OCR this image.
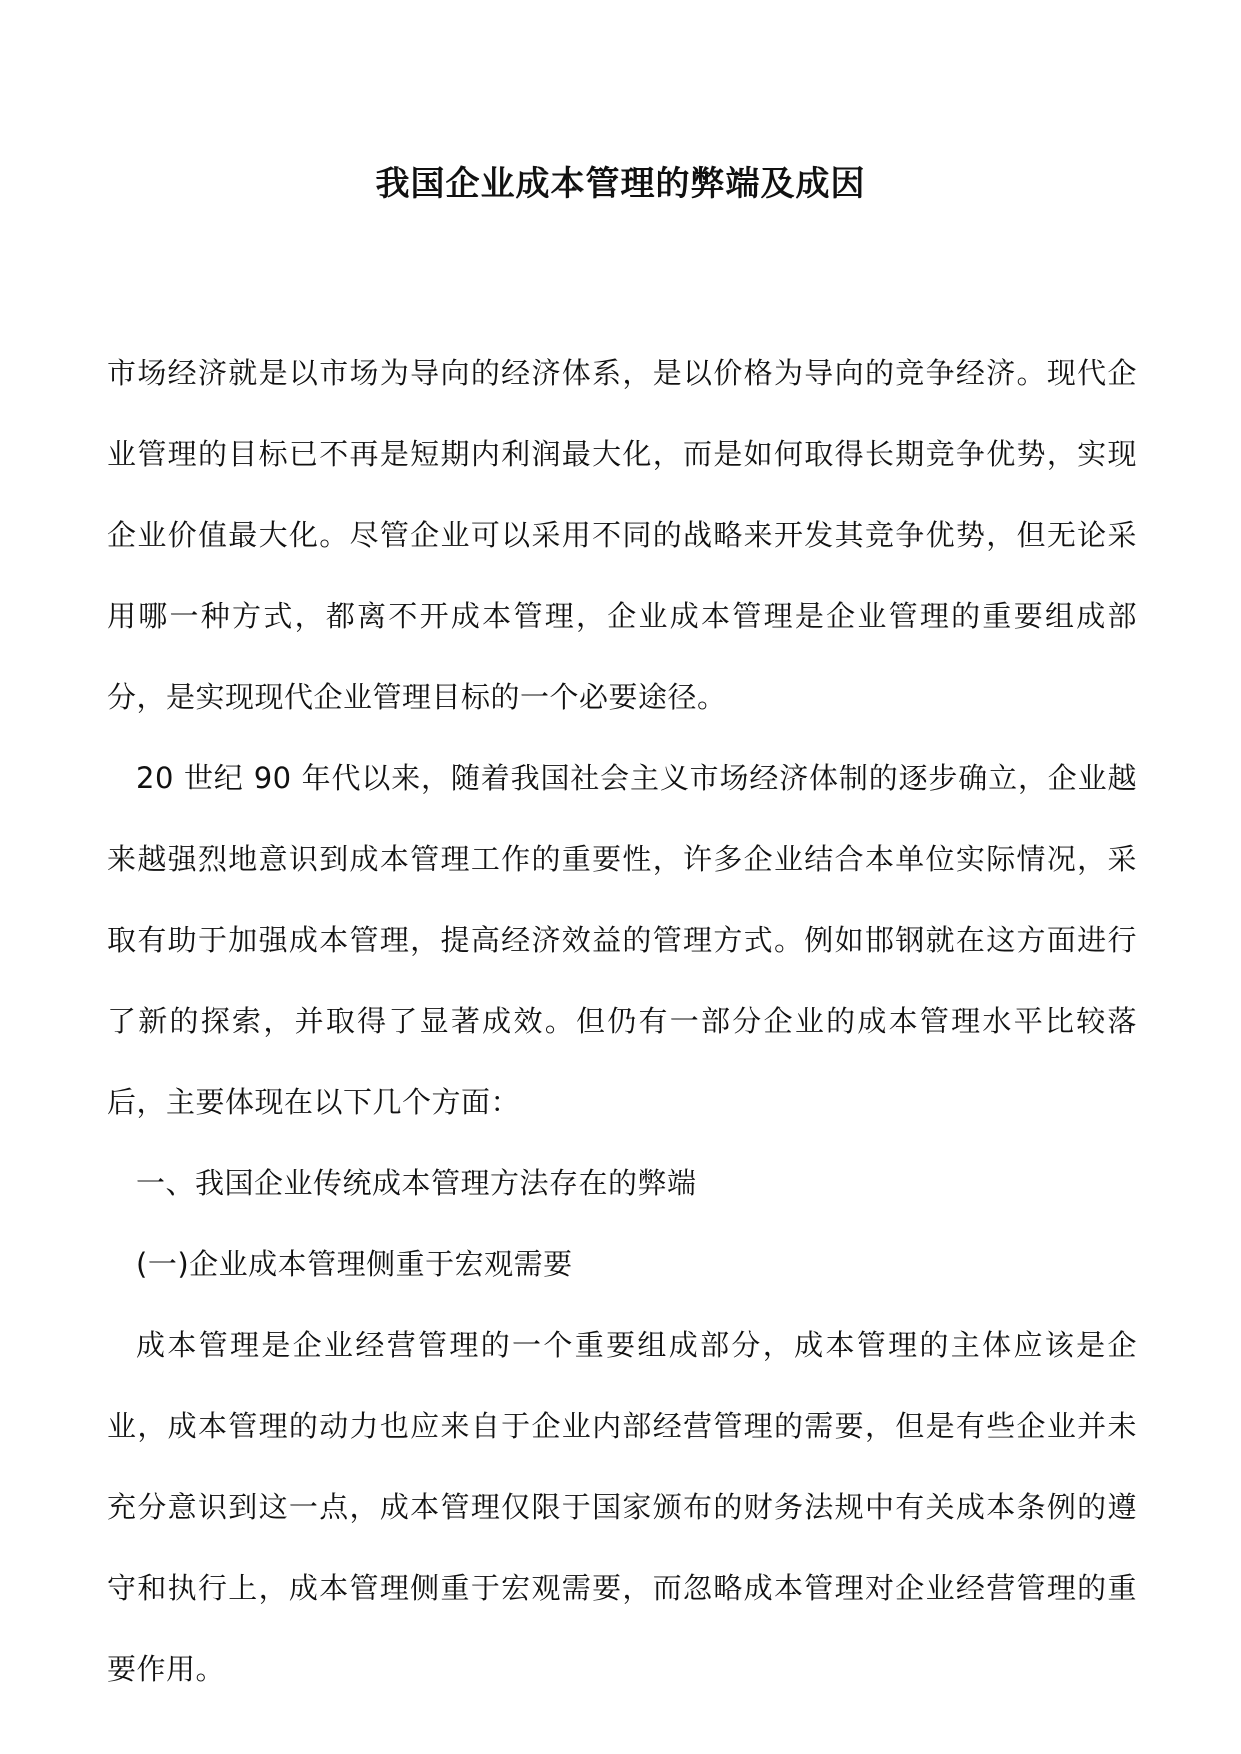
我国企业成本管理的弊端及成因

市场经济就是以市场为导向的经济体系，是以价格为导向的竞争经济。现代企业管理的目标已不再是短期内利润最大化，而是如何取得长期竞争优势，实现企业价值最大化。尽管企业可以采用不同的战略来开发其竞争优势，但无论采用哪一种方式，都离不开成本管理，企业成本管理是企业管理的重要组成部分，是实现现代企业管理目标的一个必要途径。

20 世纪 90 年代以来，随着我国社会主义市场经济体制的逐步确立，企业越来越强烈地意识到成本管理工作的重要性，许多企业结合本单位实际情况，采取有助于加强成本管理，提高经济效益的管理方式。例如邯钢就在这方面进行了新的探索，并取得了显著成效。但仍有一部分企业的成本管理水平比较落后，主要体现在以下几个方面：

一、我国企业传统成本管理方法存在的弊端

(一)企业成本管理侧重于宏观需要

成本管理是企业经营管理的一个重要组成部分，成本管理的主体应该是企业，成本管理的动力也应来自于企业内部经营管理的需要，但是有些企业并未充分意识到这一点，成本管理仅限于国家颁布的财务法规中有关成本条例的遵守和执行上，成本管理侧重于宏观需要，而忽略成本管理对企业经营管理的重要作用。
